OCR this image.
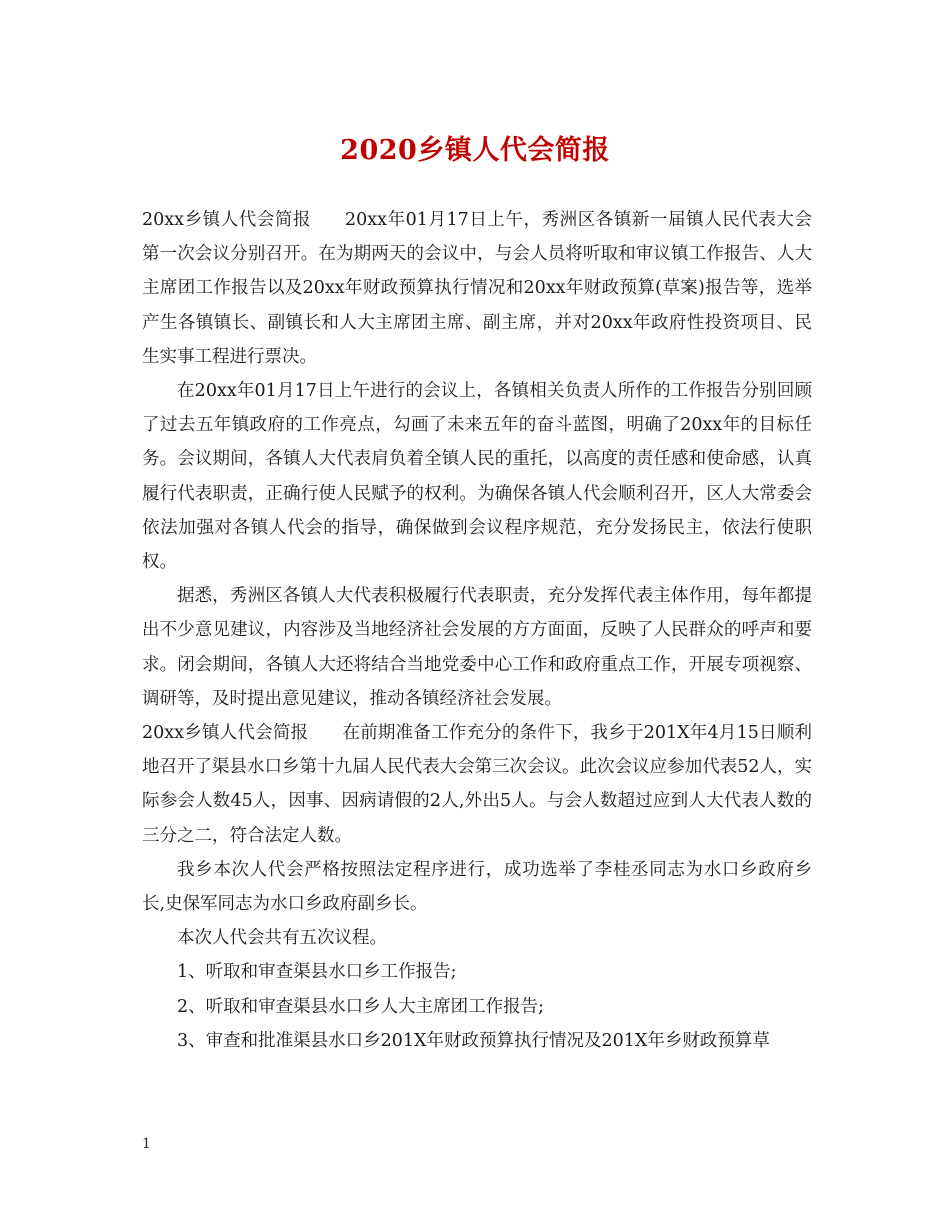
2020乡镇人代会简报

20xx乡镇人代会简报 20xx年01月17日上午，秀洲区各镇新一届镇人民代表大会第一次会议分别召开。在为期两天的会议中，与会人员将听取和审议镇工作报告、人大主席团工作报告以及20xx年财政预算执行情况和20xx年财政预算(草案)报告等，选举产生各镇镇长、副镇长和人大主席团主席、副主席，并对20xx年政府性投资项目、民生实事工程进行票决。

在20xx年01月17日上午进行的会议上，各镇相关负责人所作的工作报告分别回顾了过去五年镇政府的工作亮点，勾画了未来五年的奋斗蓝图，明确了20xx年的目标任务。会议期间，各镇人大代表肩负着全镇人民的重托，以高度的责任感和使命感，认真履行代表职责，正确行使人民赋予的权利。为确保各镇人代会顺利召开，区人大常委会依法加强对各镇人代会的指导，确保做到会议程序规范，充分发扬民主，依法行使职权。

据悉，秀洲区各镇人大代表积极履行代表职责，充分发挥代表主体作用，每年都提出不少意见建议，内容涉及当地经济社会发展的方方面面，反映了人民群众的呼声和要求。闭会期间，各镇人大还将结合当地党委中心工作和政府重点工作，开展专项视察、调研等，及时提出意见建议，推动各镇经济社会发展。

20xx乡镇人代会简报 在前期准备工作充分的条件下，我乡于201X年4月15日顺利地召开了渠县水口乡第十九届人民代表大会第三次会议。此次会议应参加代表52人，实际参会人数45人，因事、因病请假的2人,外出5人。与会人数超过应到人大代表人数的三分之二，符合法定人数。

我乡本次人代会严格按照法定程序进行，成功选举了李桂丞同志为水口乡政府乡长,史保军同志为水口乡政府副乡长。

本次人代会共有五次议程。

1、听取和审查渠县水口乡工作报告;

2、听取和审查渠县水口乡人大主席团工作报告;

3、审查和批准渠县水口乡201X年财政预算执行情况及201X年乡财政预算草

1
